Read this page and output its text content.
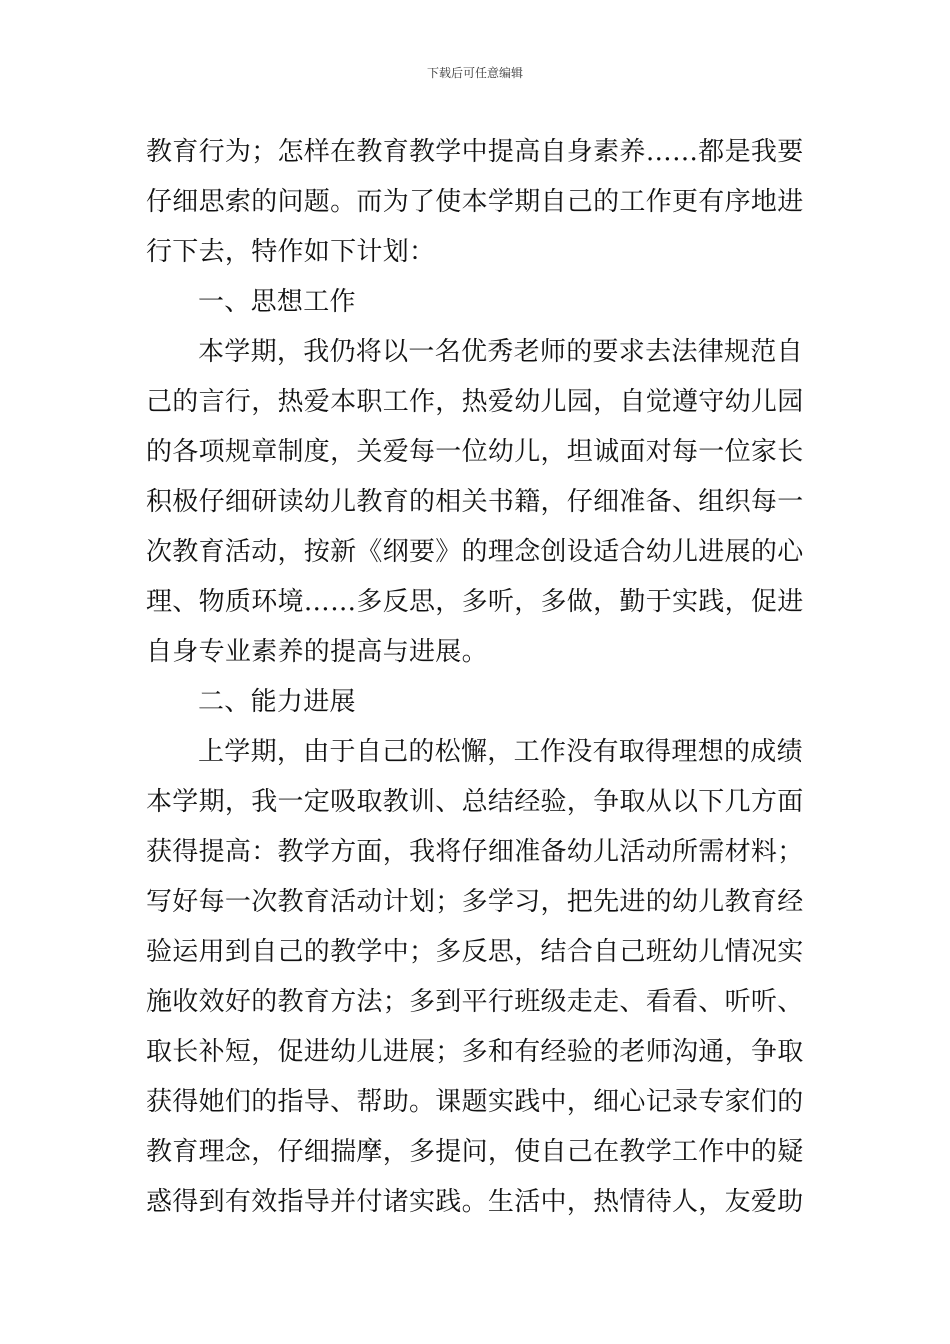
下载后可任意编辑
教育行为；怎样在教育教学中提高自身素养……都是我要
仔细思索的问题。而为了使本学期自己的工作更有序地进
行下去，特作如下计划：
一、思想工作
本学期，我仍将以一名优秀老师的要求去法律规范自
己的言行，热爱本职工作，热爱幼儿园，自觉遵守幼儿园
的各项规章制度，关爱每一位幼儿，坦诚面对每一位家长
积极仔细研读幼儿教育的相关书籍，仔细准备、组织每一
次教育活动，按新《纲要》的理念创设适合幼儿进展的心
理、物质环境……多反思，多听，多做，勤于实践，促进
自身专业素养的提高与进展。
二、能力进展
上学期，由于自己的松懈，工作没有取得理想的成绩
本学期，我一定吸取教训、总结经验，争取从以下几方面
获得提高：教学方面，我将仔细准备幼儿活动所需材料；
写好每一次教育活动计划；多学习，把先进的幼儿教育经
验运用到自己的教学中；多反思，结合自己班幼儿情况实
施收效好的教育方法；多到平行班级走走、看看、听听、
取长补短，促进幼儿进展；多和有经验的老师沟通，争取
获得她们的指导、帮助。课题实践中，细心记录专家们的
教育理念，仔细揣摩，多提问，使自己在教学工作中的疑
惑得到有效指导并付诸实践。生活中，热情待人，友爱助
